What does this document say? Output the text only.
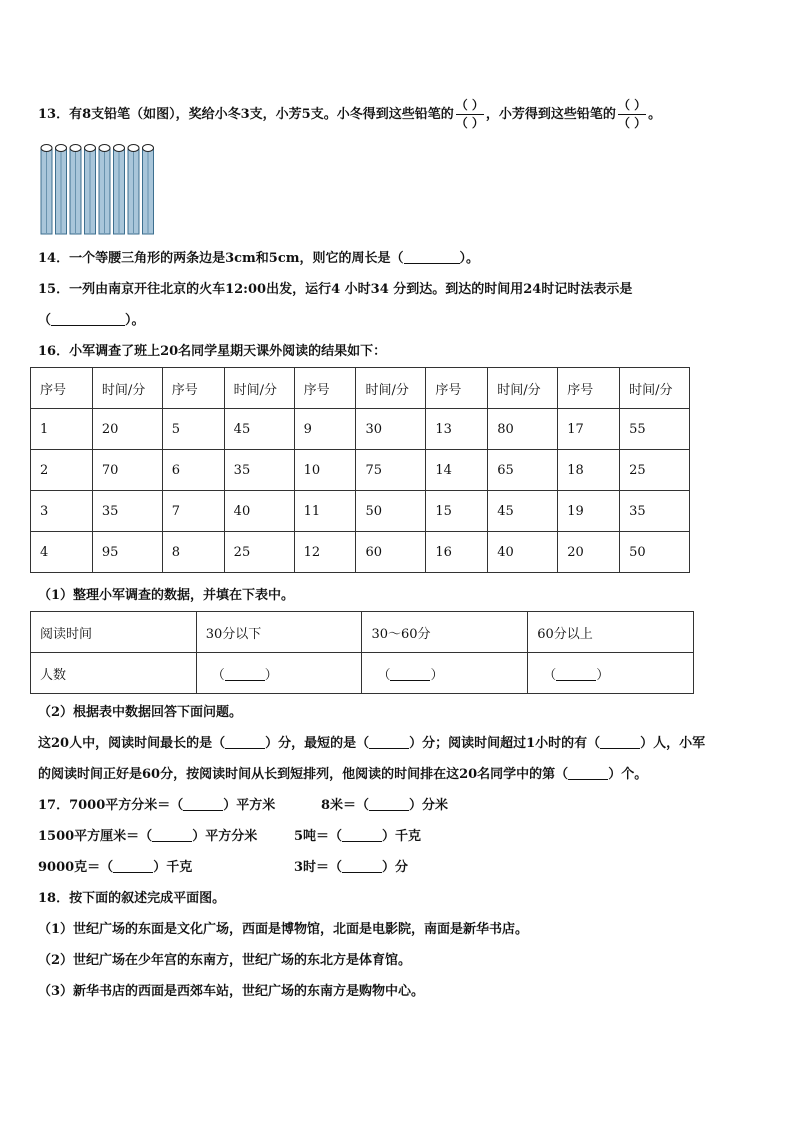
13．有8支铅笔（如图），奖给小冬3支，小芳5支。小冬得到这些铅笔的 $\frac{( )}{( )}$ ，小芳得到这些铅笔的 $\frac{( )}{( )}$ 。
14．一个等腰三角形的两条边是3cm和5cm，则它的周长是（	）。
15．一列由南京开往北京的火车12:00出发，运行4 小时34 分到达。到达的时间用24时记时法表示是
（	）。
16．小军调查了班上20名同学星期天课外阅读的结果如下：
序号	时间/分	序号	时间/分	序号	时间/分	序号	时间/分	序号	时间/分
1	20	5	45	9	30	13	80	17	55
2	70	6	35	10	75	14	65	18	25
3	35	7	40	11	50	15	45	19	35
4	95	8	25	12	60	16	40	20	50
（1）整理小军调查的数据，并填在下表中。
阅读时间	30分以下	30～60分	60分以上
人数	（ ）	（ ）	（ ）
（2）根据表中数据回答下面问题。
这20人中，阅读时间最长的是（	）分，最短的是（	）分；阅读时间超过1小时的有（	）人，小军
的阅读时间正好是60分，按阅读时间从长到短排列，他阅读的时间排在这20名同学中的第（	）个。
17．7000平方分米＝（	）平方米	8米＝（	）分米
1500平方厘米＝（	）平方分米	5吨＝（	）千克
9000克＝（	）千克	3时＝（	）分
18．按下面的叙述完成平面图。
（1）世纪广场的东面是文化广场，西面是博物馆，北面是电影院，南面是新华书店。
（2）世纪广场在少年宫的东南方，世纪广场的东北方是体育馆。
（3）新华书店的西面是西郊车站，世纪广场的东南方是购物中心。
